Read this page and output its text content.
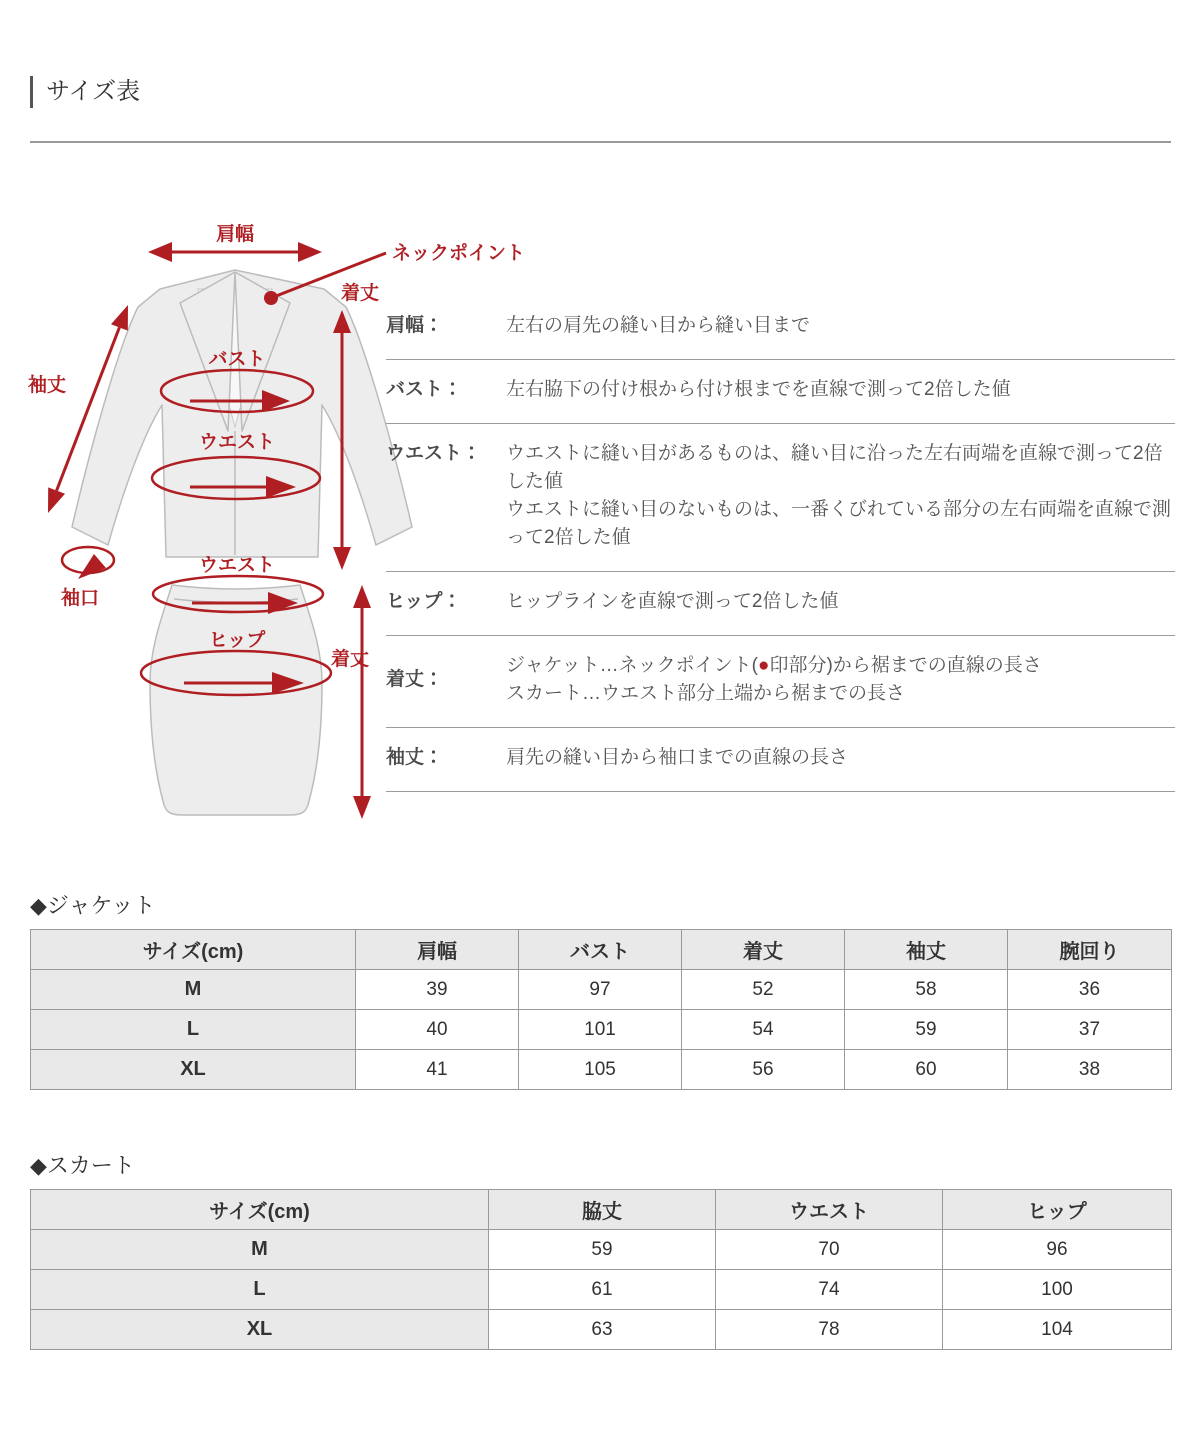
サイズ表
肩幅
ネックポイント
着丈
袖丈
バスト
ウエスト
袖口
ウエスト
ヒップ
着丈
肩幅：	左右の肩先の縫い目から縫い目まで
バスト：	左右脇下の付け根から付け根までを直線で測って2倍した値
ウエスト：	ウエストに縫い目があるものは、縫い目に沿った左右両端を直線で測って2倍した値
ウエストに縫い目のないものは、一番くびれている部分の左右両端を直線で測って2倍した値
ヒップ：	ヒップラインを直線で測って2倍した値
着丈：
ジャケット…ネックポイント(●印部分)から裾までの直線の長さ
スカート…ウエスト部分上端から裾までの長さ
袖丈：	肩先の縫い目から袖口までの直線の長さ
◆ジャケット
サイズ(cm)	肩幅	バスト	着丈	袖丈	腕回り
M	39	97	52	58	36
L	40	101	54	59	37
XL	41	105	56	60	38
◆スカート
サイズ(cm)	脇丈	ウエスト	ヒップ
M	59	70	96
L	61	74	100
XL	63	78	104
